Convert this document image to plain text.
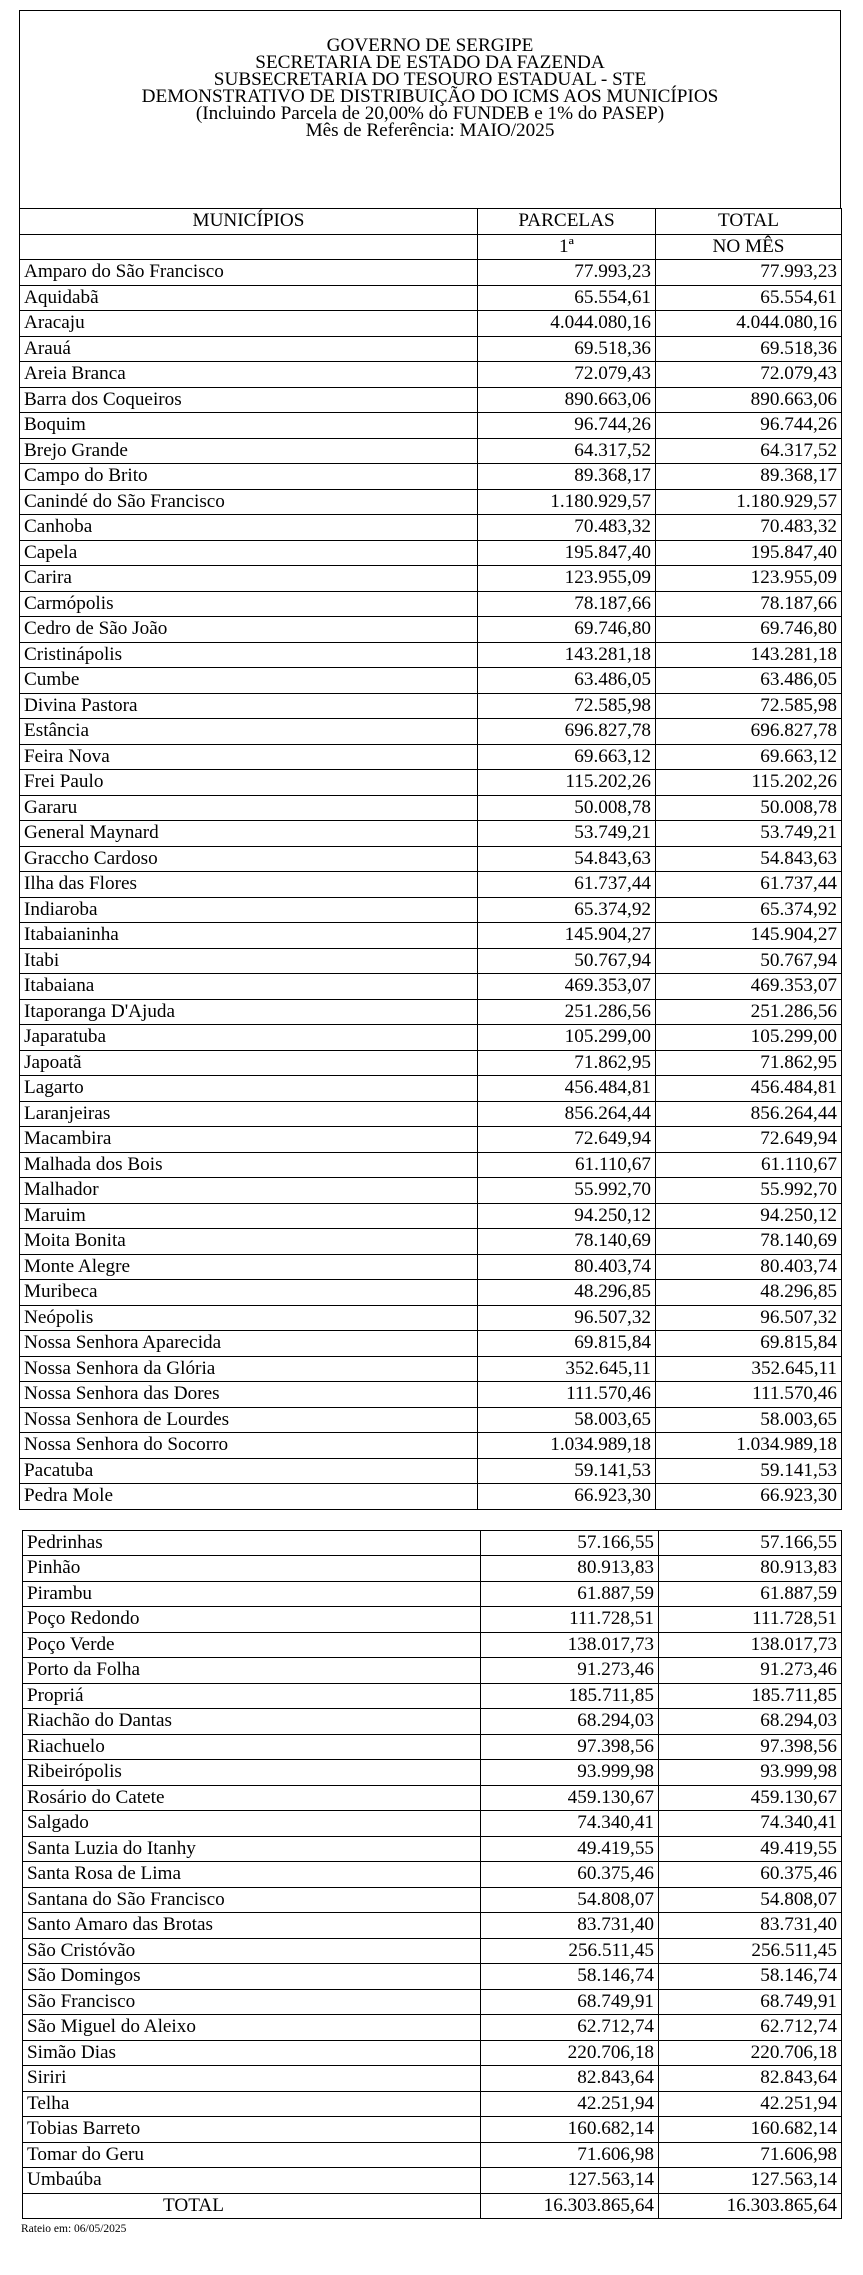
GOVERNO DE SERGIPE
SECRETARIA DE ESTADO DA FAZENDA
SUBSECRETARIA DO TESOURO ESTADUAL - STE
DEMONSTRATIVO DE DISTRIBUIÇÃO DO ICMS AOS MUNICÍPIOS
(Incluindo Parcela de 20,00% do FUNDEB e 1% do PASEP)
Mês de Referência: MAIO/2025
MUNICÍPIOS	PARCELAS	TOTAL
	1ª	NO MÊS
Amparo do São Francisco	77.993,23	77.993,23
Aquidabã	65.554,61	65.554,61
Aracaju	4.044.080,16	4.044.080,16
Arauá	69.518,36	69.518,36
Areia Branca	72.079,43	72.079,43
Barra dos Coqueiros	890.663,06	890.663,06
Boquim	96.744,26	96.744,26
Brejo Grande	64.317,52	64.317,52
Campo do Brito	89.368,17	89.368,17
Canindé do São Francisco	1.180.929,57	1.180.929,57
Canhoba	70.483,32	70.483,32
Capela	195.847,40	195.847,40
Carira	123.955,09	123.955,09
Carmópolis	78.187,66	78.187,66
Cedro de São João	69.746,80	69.746,80
Cristinápolis	143.281,18	143.281,18
Cumbe	63.486,05	63.486,05
Divina Pastora	72.585,98	72.585,98
Estância	696.827,78	696.827,78
Feira Nova	69.663,12	69.663,12
Frei Paulo	115.202,26	115.202,26
Gararu	50.008,78	50.008,78
General Maynard	53.749,21	53.749,21
Graccho Cardoso	54.843,63	54.843,63
Ilha das Flores	61.737,44	61.737,44
Indiaroba	65.374,92	65.374,92
Itabaianinha	145.904,27	145.904,27
Itabi	50.767,94	50.767,94
Itabaiana	469.353,07	469.353,07
Itaporanga D'Ajuda	251.286,56	251.286,56
Japaratuba	105.299,00	105.299,00
Japoatã	71.862,95	71.862,95
Lagarto	456.484,81	456.484,81
Laranjeiras	856.264,44	856.264,44
Macambira	72.649,94	72.649,94
Malhada dos Bois	61.110,67	61.110,67
Malhador	55.992,70	55.992,70
Maruim	94.250,12	94.250,12
Moita Bonita	78.140,69	78.140,69
Monte Alegre	80.403,74	80.403,74
Muribeca	48.296,85	48.296,85
Neópolis	96.507,32	96.507,32
Nossa Senhora Aparecida	69.815,84	69.815,84
Nossa Senhora da Glória	352.645,11	352.645,11
Nossa Senhora das Dores	111.570,46	111.570,46
Nossa Senhora de Lourdes	58.003,65	58.003,65
Nossa Senhora do Socorro	1.034.989,18	1.034.989,18
Pacatuba	59.141,53	59.141,53
Pedra Mole	66.923,30	66.923,30
Pedrinhas	57.166,55	57.166,55
Pinhão	80.913,83	80.913,83
Pirambu	61.887,59	61.887,59
Poço Redondo	111.728,51	111.728,51
Poço Verde	138.017,73	138.017,73
Porto da Folha	91.273,46	91.273,46
Propriá	185.711,85	185.711,85
Riachão do Dantas	68.294,03	68.294,03
Riachuelo	97.398,56	97.398,56
Ribeirópolis	93.999,98	93.999,98
Rosário do Catete	459.130,67	459.130,67
Salgado	74.340,41	74.340,41
Santa Luzia do Itanhy	49.419,55	49.419,55
Santa Rosa de Lima	60.375,46	60.375,46
Santana do São Francisco	54.808,07	54.808,07
Santo Amaro das Brotas	83.731,40	83.731,40
São Cristóvão	256.511,45	256.511,45
São Domingos	58.146,74	58.146,74
São Francisco	68.749,91	68.749,91
São Miguel do Aleixo	62.712,74	62.712,74
Simão Dias	220.706,18	220.706,18
Siriri	82.843,64	82.843,64
Telha	42.251,94	42.251,94
Tobias Barreto	160.682,14	160.682,14
Tomar do Geru	71.606,98	71.606,98
Umbaúba	127.563,14	127.563,14
TOTAL	16.303.865,64	16.303.865,64
Rateio em: 06/05/2025
